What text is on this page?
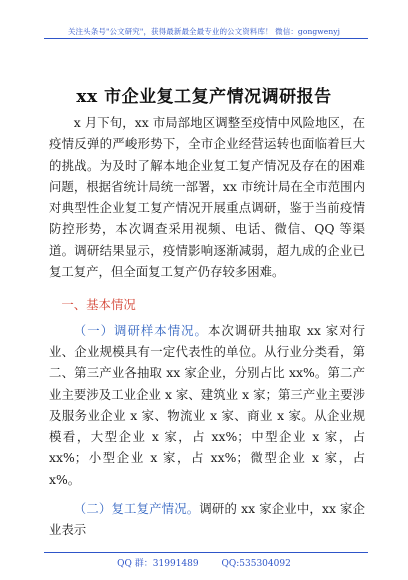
关注头条号"公文研究"，获得最新最全最专业的公文资料库！ 微信：gongwenyj
xx 市企业复工复产情况调研报告

x 月下旬，xx 市局部地区调整至疫情中风险地区，在疫情反弹的严峻形势下，全市企业经营运转也面临着巨大的挑战。为及时了解本地企业复工复产情况及存在的困难问题，根据省统计局统一部署，xx 市统计局在全市范围内对典型性企业复工复产情况开展重点调研，鉴于当前疫情防控形势，本次调查采用视频、电话、微信、QQ 等渠道。调研结果显示，疫情影响逐渐减弱，超九成的企业已复工复产，但全面复工复产仍存较多困难。

一、基本情况

（一）调研样本情况。本次调研共抽取 xx 家对行业、企业规模具有一定代表性的单位。从行业分类看，第二、第三产业各抽取 xx 家企业，分别占比 xx%。第二产业主要涉及工业企业 x 家、建筑业 x 家；第三产业主要涉及服务业企业 x 家、物流业 x 家、商业 x 家。从企业规模看，大型企业 x 家，占 xx%；中型企业 x 家，占 xx%；小型企业 x 家，占 xx%；微型企业 x 家，占 x%。

（二）复工复产情况。调研的 xx 家企业中，xx 家企业表示

QQ 群：31991489	QQ:535304092
